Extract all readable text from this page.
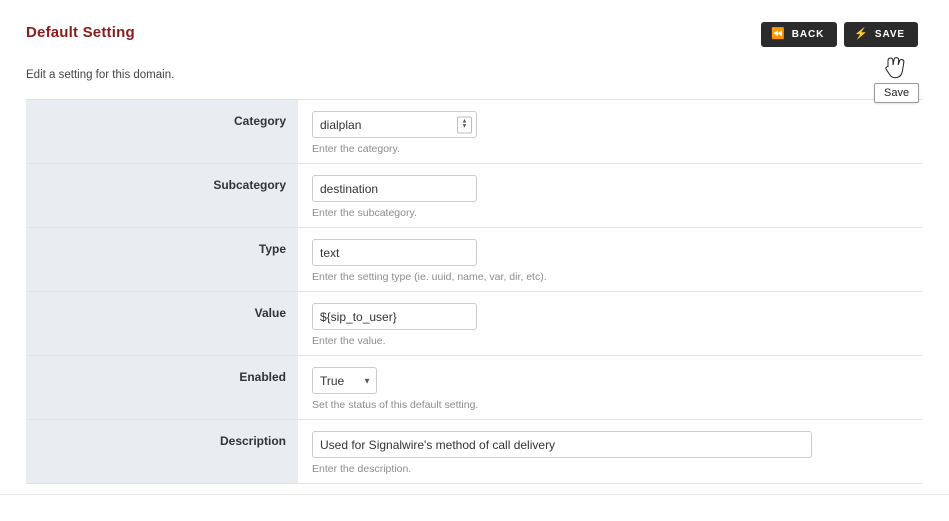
Default Setting	⏪ BACK	⚡ SAVE

Edit a setting for this domain.

Category
dialplan	▲
▼
Enter the category.
Subcategory
destination
Enter the subcategory.
Type
text
Enter the setting type (ie. uuid, name, var, dir, etc).
Value
${sip_to_user}
Enter the value.
Enabled
True	▼
Set the status of this default setting.
Description
Used for Signalwire's method of call delivery
Enter the description.
Save
